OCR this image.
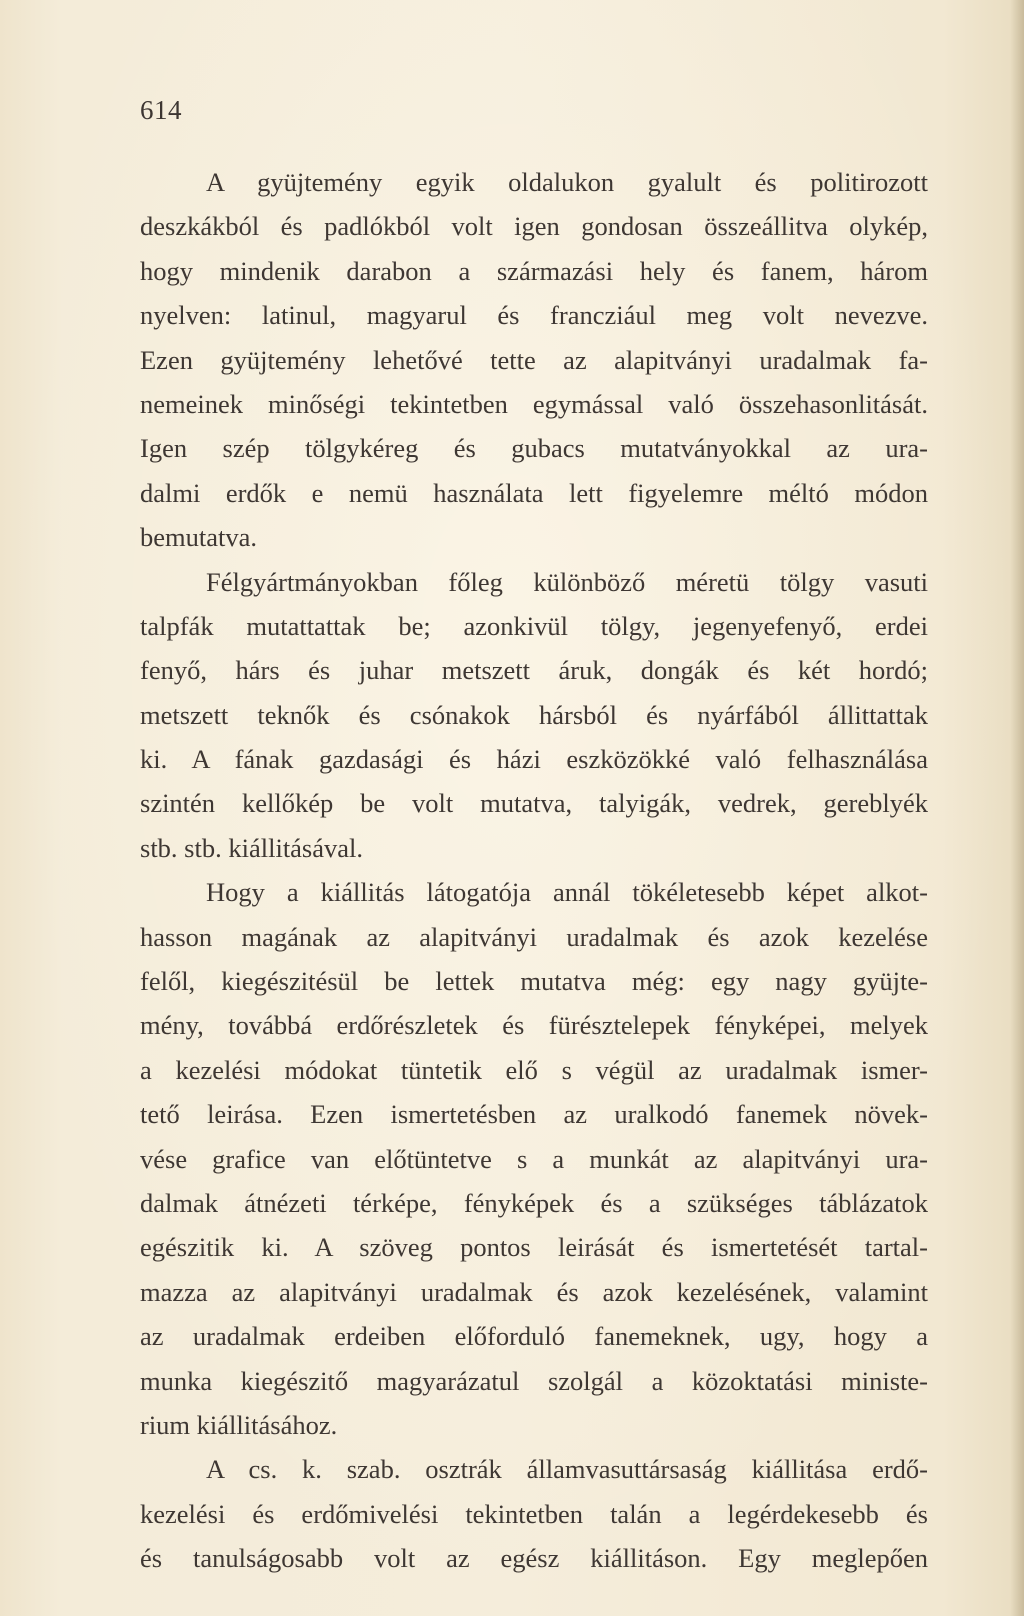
614
A gyüjtemény egyik oldalukon gyalult és politirozott
deszkákból és padlókból volt igen gondosan összeállitva olykép,
hogy mindenik darabon a származási hely és fanem, három
nyelven: latinul, magyarul és francziául meg volt nevezve.
Ezen gyüjtemény lehetővé tette az alapitványi uradalmak fa-
nemeinek minőségi tekintetben egymással való összehasonlitását.
Igen szép tölgykéreg és gubacs mutatványokkal az ura-
dalmi erdők e nemü használata lett figyelemre méltó módon
bemutatva.
Félgyártmányokban főleg különböző méretü tölgy vasuti
talpfák mutattattak be; azonkivül tölgy, jegenyefenyő, erdei
fenyő, hárs és juhar metszett áruk, dongák és két hordó;
metszett teknők és csónakok hársból és nyárfából állittattak
ki. A fának gazdasági és házi eszközökké való felhasználása
szintén kellőkép be volt mutatva, talyigák, vedrek, gereblyék
stb. stb. kiállitásával.
Hogy a kiállitás látogatója annál tökéletesebb képet alkot-
hasson magának az alapitványi uradalmak és azok kezelése
felől, kiegészitésül be lettek mutatva még: egy nagy gyüjte-
mény, továbbá erdőrészletek és fürésztelepek fényképei, melyek
a kezelési módokat tüntetik elő s végül az uradalmak ismer-
tető leirása. Ezen ismertetésben az uralkodó fanemek növek-
vése grafice van előtüntetve s a munkát az alapitványi ura-
dalmak átnézeti térképe, fényképek és a szükséges táblázatok
egészitik ki. A szöveg pontos leirását és ismertetését tartal-
mazza az alapitványi uradalmak és azok kezelésének, valamint
az uradalmak erdeiben előforduló fanemeknek, ugy, hogy a
munka kiegészitő magyarázatul szolgál a közoktatási ministe-
rium kiállitásához.
A cs. k. szab. osztrák államvasuttársaság kiállitása erdő-
kezelési és erdőmivelési tekintetben talán a legérdekesebb és
és tanulságosabb volt az egész kiállitáson. Egy meglepően
